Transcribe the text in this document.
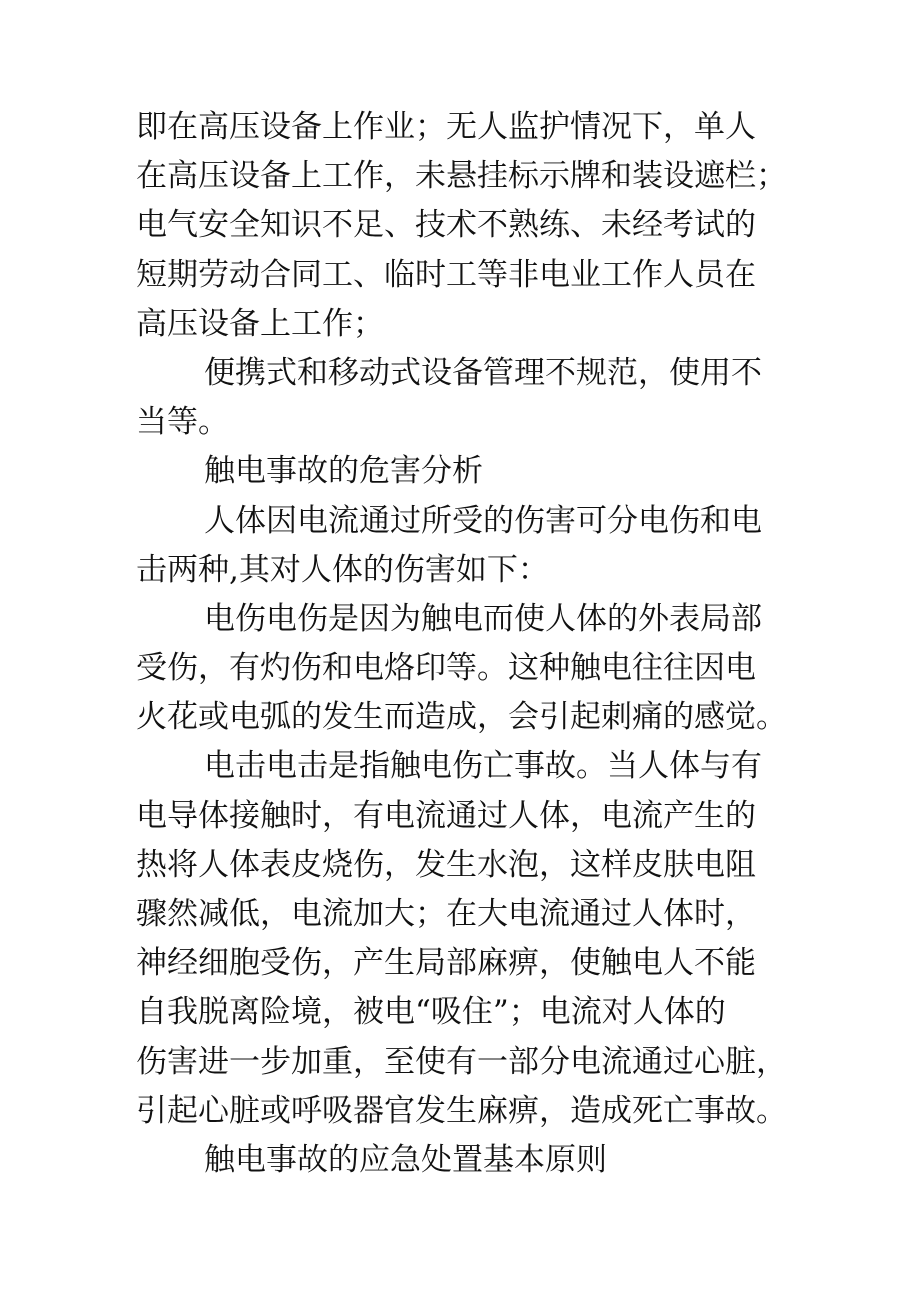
即在高压设备上作业；无人监护情况下，单人
在高压设备上工作，未悬挂标示牌和装设遮栏；
电气安全知识不足、技术不熟练、未经考试的
短期劳动合同工、临时工等非电业工作人员在
高压设备上工作；
便携式和移动式设备管理不规范，使用不
当等。
触电事故的危害分析
人体因电流通过所受的伤害可分电伤和电
击两种,其对人体的伤害如下：
电伤电伤是因为触电而使人体的外表局部
受伤，有灼伤和电烙印等。这种触电往往因电
火花或电弧的发生而造成，会引起刺痛的感觉。
电击电击是指触电伤亡事故。当人体与有
电导体接触时，有电流通过人体，电流产生的
热将人体表皮烧伤，发生水泡，这样皮肤电阻
骤然减低，电流加大；在大电流通过人体时，
神经细胞受伤，产生局部麻痹，使触电人不能
自我脱离险境，被电“吸住”；电流对人体的
伤害进一步加重，至使有一部分电流通过心脏，
引起心脏或呼吸器官发生麻痹，造成死亡事故。
触电事故的应急处置基本原则
